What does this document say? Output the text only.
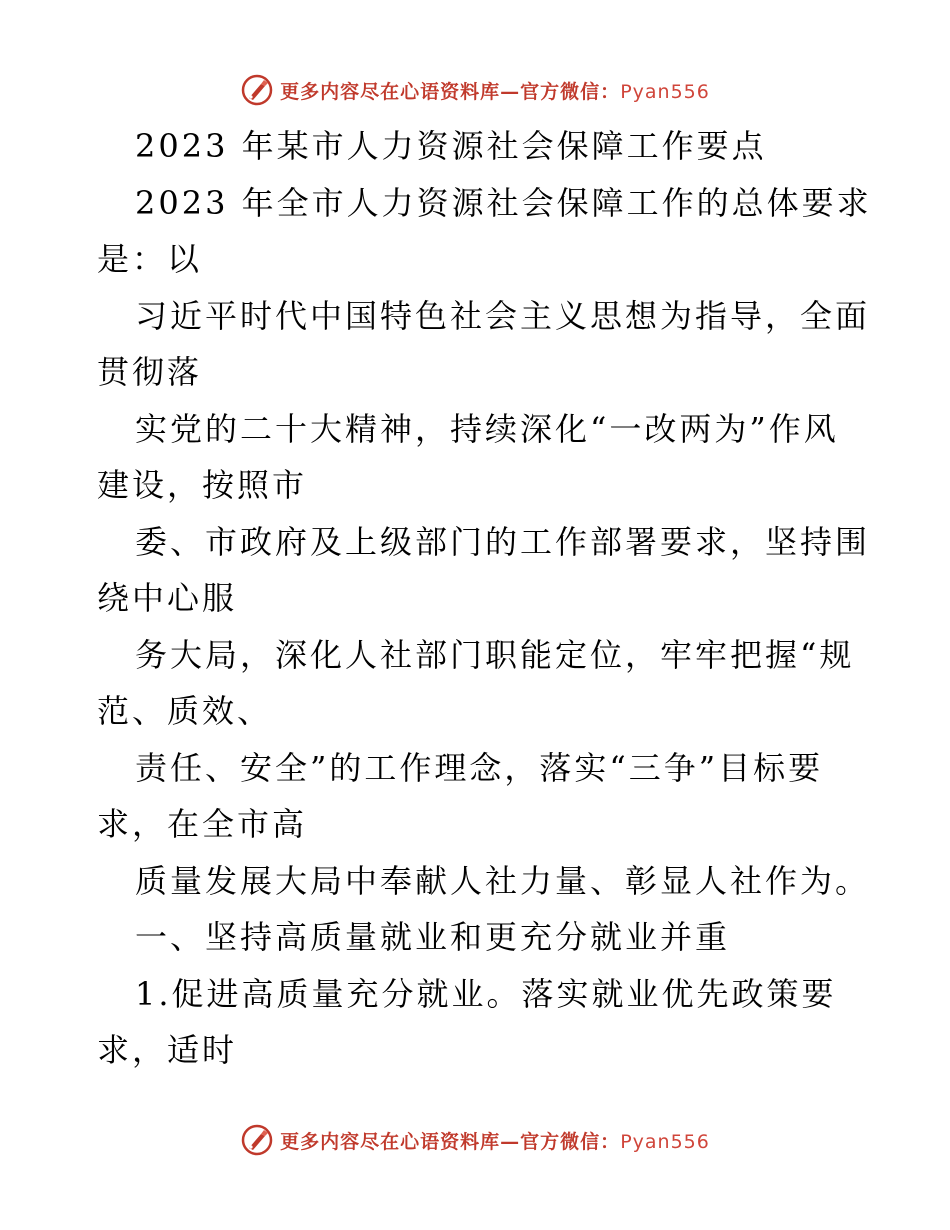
更多内容尽在心语资料库—官方微信：Pyan556
2023 年某市人力资源社会保障工作要点
2023 年全市人力资源社会保障工作的总体要求
是：以
习近平时代中国特色社会主义思想为指导，全面
贯彻落
实党的二十大精神，持续深化“一改两为”作风
建设，按照市
委、市政府及上级部门的工作部署要求，坚持围
绕中心服
务大局，深化人社部门职能定位，牢牢把握“规
范、质效、
责任、安全”的工作理念，落实“三争”目标要
求，在全市高
质量发展大局中奉献人社力量、彰显人社作为。
一、坚持高质量就业和更充分就业并重
1.促进高质量充分就业。落实就业优先政策要
求，适时
更多内容尽在心语资料库—官方微信：Pyan556
